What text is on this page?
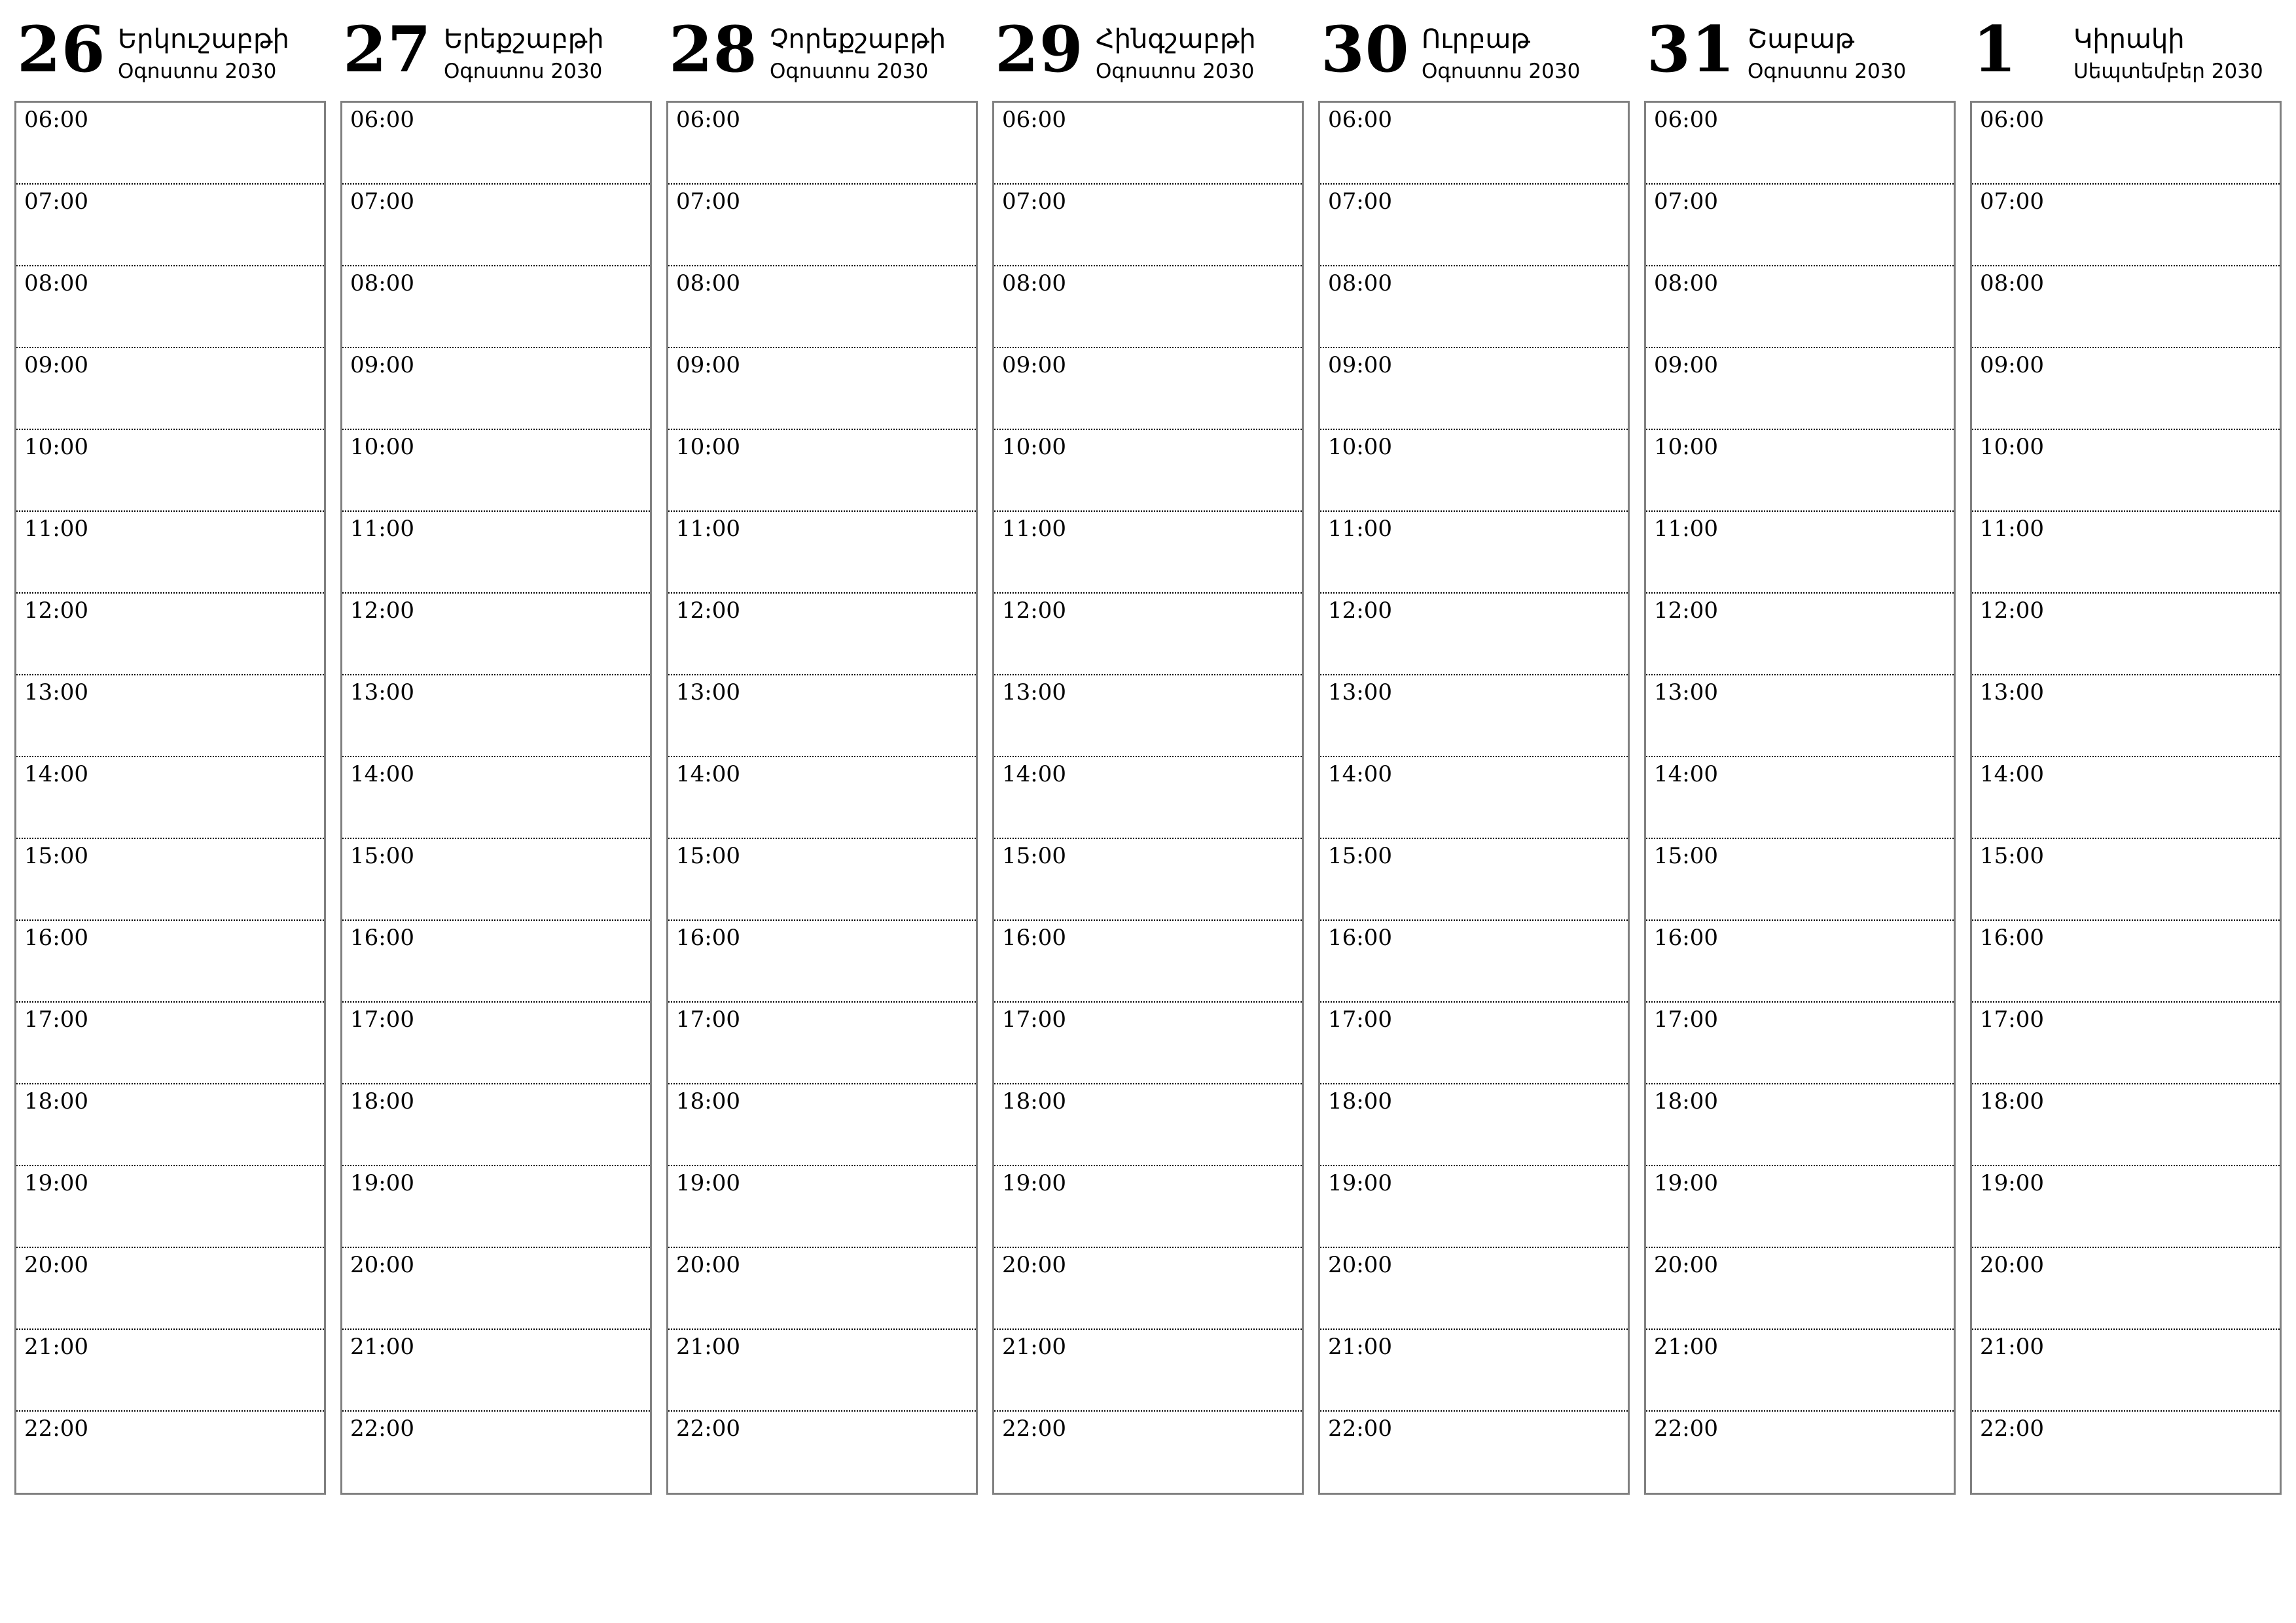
26 Երկուշաբթի
Օգոստոս 2030
06:00
07:00
08:00
09:00
10:00
11:00
12:00
13:00
14:00
15:00
16:00
17:00
18:00
19:00
20:00
21:00
22:00
27 Երեքշաբթի
Օգոստոս 2030
06:00
07:00
08:00
09:00
10:00
11:00
12:00
13:00
14:00
15:00
16:00
17:00
18:00
19:00
20:00
21:00
22:00
28 Չորեքշաբթի
Օգոստոս 2030
06:00
07:00
08:00
09:00
10:00
11:00
12:00
13:00
14:00
15:00
16:00
17:00
18:00
19:00
20:00
21:00
22:00
29 Հինգշաբթի
Օգոստոս 2030
06:00
07:00
08:00
09:00
10:00
11:00
12:00
13:00
14:00
15:00
16:00
17:00
18:00
19:00
20:00
21:00
22:00
30 Ուրբաթ
Օգոստոս 2030
06:00
07:00
08:00
09:00
10:00
11:00
12:00
13:00
14:00
15:00
16:00
17:00
18:00
19:00
20:00
21:00
22:00
31 Շաբաթ
Օգոստոս 2030
06:00
07:00
08:00
09:00
10:00
11:00
12:00
13:00
14:00
15:00
16:00
17:00
18:00
19:00
20:00
21:00
22:00
1 Կիրակի
Սեպտեմբեր 2030
06:00
07:00
08:00
09:00
10:00
11:00
12:00
13:00
14:00
15:00
16:00
17:00
18:00
19:00
20:00
21:00
22:00
